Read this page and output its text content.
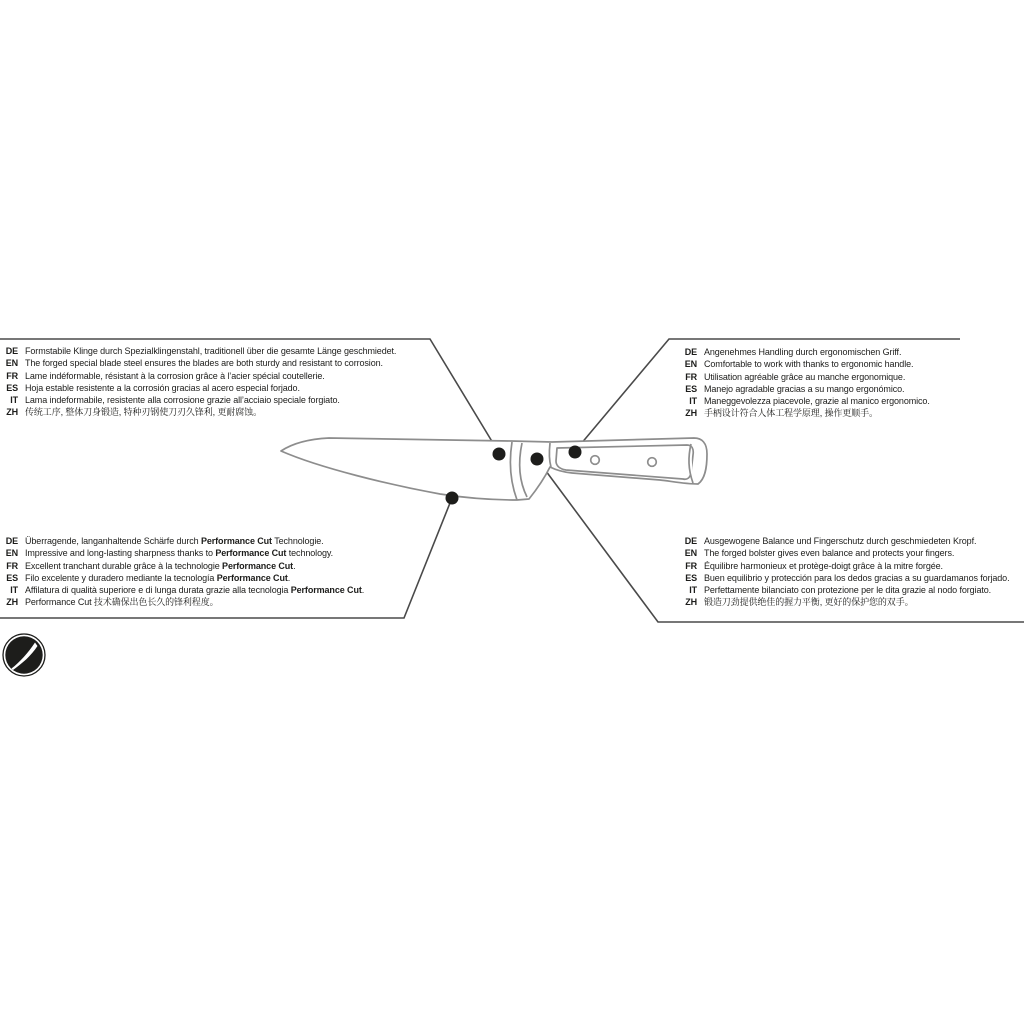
DE Formstabile Klinge durch Spezialklingenstahl, traditionell über die gesamte Länge geschmiedet.
EN The forged special blade steel ensures the blades are both sturdy and resistant to corrosion.
FR Lame indéformable, résistant à la corrosion grâce à l’acier spécial coutellerie.
ES Hoja estable resistente a la corrosión gracias al acero especial forjado.
IT Lama indeformabile, resistente alla corrosione grazie all’acciaio speciale forgiato.
ZH 传统工序, 整体刀身锻造, 特种刃钢使刀刃久锋利, 更耐腐蚀。
DE Angenehmes Handling durch ergonomischen Griff.
EN Comfortable to work with thanks to ergonomic handle.
FR Utilisation agréable grâce au manche ergonomique.
ES Manejo agradable gracias a su mango ergonómico.
IT Maneggevolezza piacevole, grazie al manico ergonomico.
ZH 手柄设计符合人体工程学原理, 操作更顺手。
DE Überragende, langanhaltende Schärfe durch Performance Cut Technologie.
EN Impressive and long-lasting sharpness thanks to Performance Cut technology.
FR Excellent tranchant durable grâce à la technologie Performance Cut.
ES Filo excelente y duradero mediante la tecnología Performance Cut.
IT Affilatura di qualità superiore e di lunga durata grazie alla tecnologia Performance Cut.
ZH Performance Cut 技术确保出色长久的锋利程度。
DE Ausgewogene Balance und Fingerschutz durch geschmiedeten Kropf.
EN The forged bolster gives even balance and protects your fingers.
FR Équilibre harmonieux et protège-doigt grâce à la mitre forgée.
ES Buen equilibrio y protección para los dedos gracias a su guardamanos forjado.
IT Perfettamente bilanciato con protezione per le dita grazie al nodo forgiato.
ZH 锻造刀劲提供绝佳的握力平衡, 更好的保护您的双手。
